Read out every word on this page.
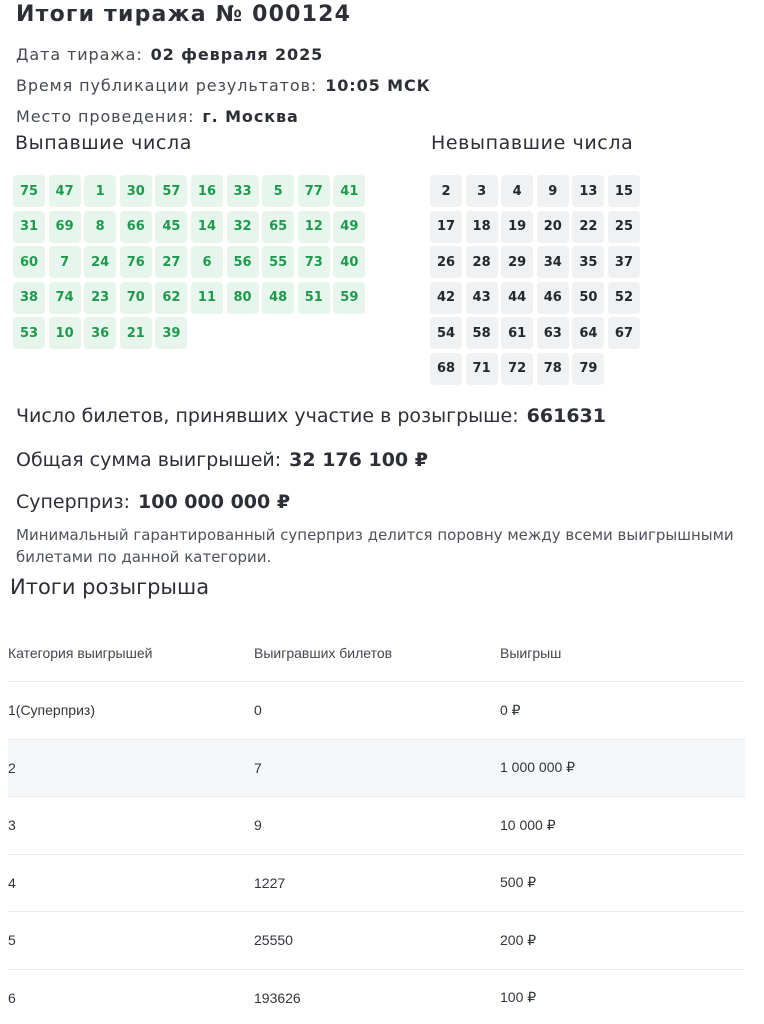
Итоги тиража № 000124
Дата тиража: 02 февраля 2025
Время публикации результатов: 10:05 МСК
Место проведения: г. Москва
Выпавшие числа	Невыпавшие числа
75	47	1	30	57	16	33	5	77	41
31	69	8	66	45	14	32	65	12	49
60	7	24	76	27	6	56	55	73	40
38	74	23	70	62	11	80	48	51	59
53	10	36	21	39
2	3	4	9	13	15
17	18	19	20	22	25
26	28	29	34	35	37
42	43	44	46	50	52
54	58	61	63	64	67
68	71	72	78	79
Число билетов, принявших участие в розыгрыше: 661631
Общая сумма выигрышей: 32 176 100 ₽
Суперприз: 100 000 000 ₽
Минимальный гарантированный суперприз делится поровну между всеми выигрышными билетами по данной категории.
Итоги розыгрыша
Категория выигрышей	Выигравших билетов	Выигрыш
1(Суперприз)	0	0 ₽
2	7	1 000 000 ₽
3	9	10 000 ₽
4	1227	500 ₽
5	25550	200 ₽
6	193626	100 ₽
